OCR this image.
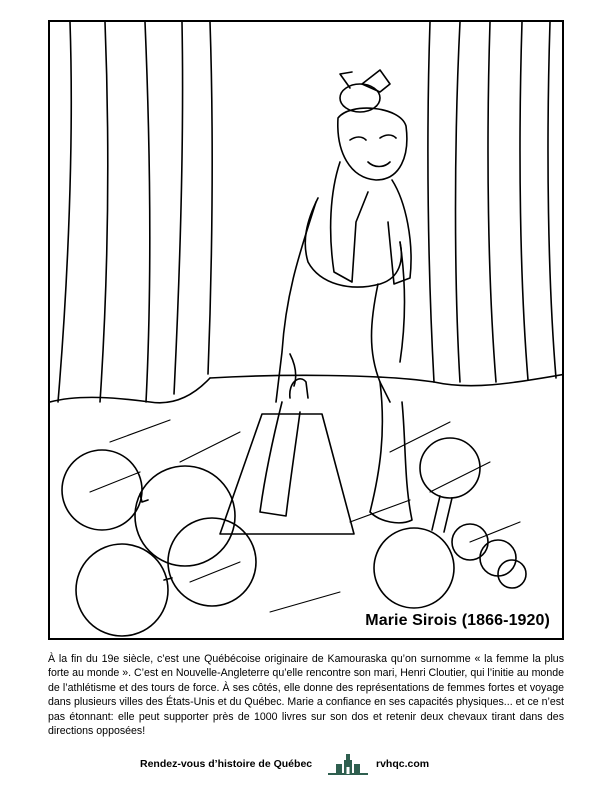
Marie Sirois (1866-1920)

À la fin du 19e siècle, c’est une Québécoise originaire de Kamouraska qu’on surnomme « la femme la plus forte au monde ». C’est en Nouvelle-Angleterre qu’elle rencontre son mari, Henri Cloutier, qui l’initie au monde de l’athlétisme et des tours de force. À ses côtés, elle donne des représentations de femmes fortes et voyage dans plusieurs villes des États-Unis et du Québec. Marie a confiance en ses capacités physiques... et ce n’est pas étonnant: elle peut supporter près de 1000 livres sur son dos et retenir deux chevaux tirant dans des directions opposées!

Rendez-vous d’histoire de Québec	rvhqc.com
